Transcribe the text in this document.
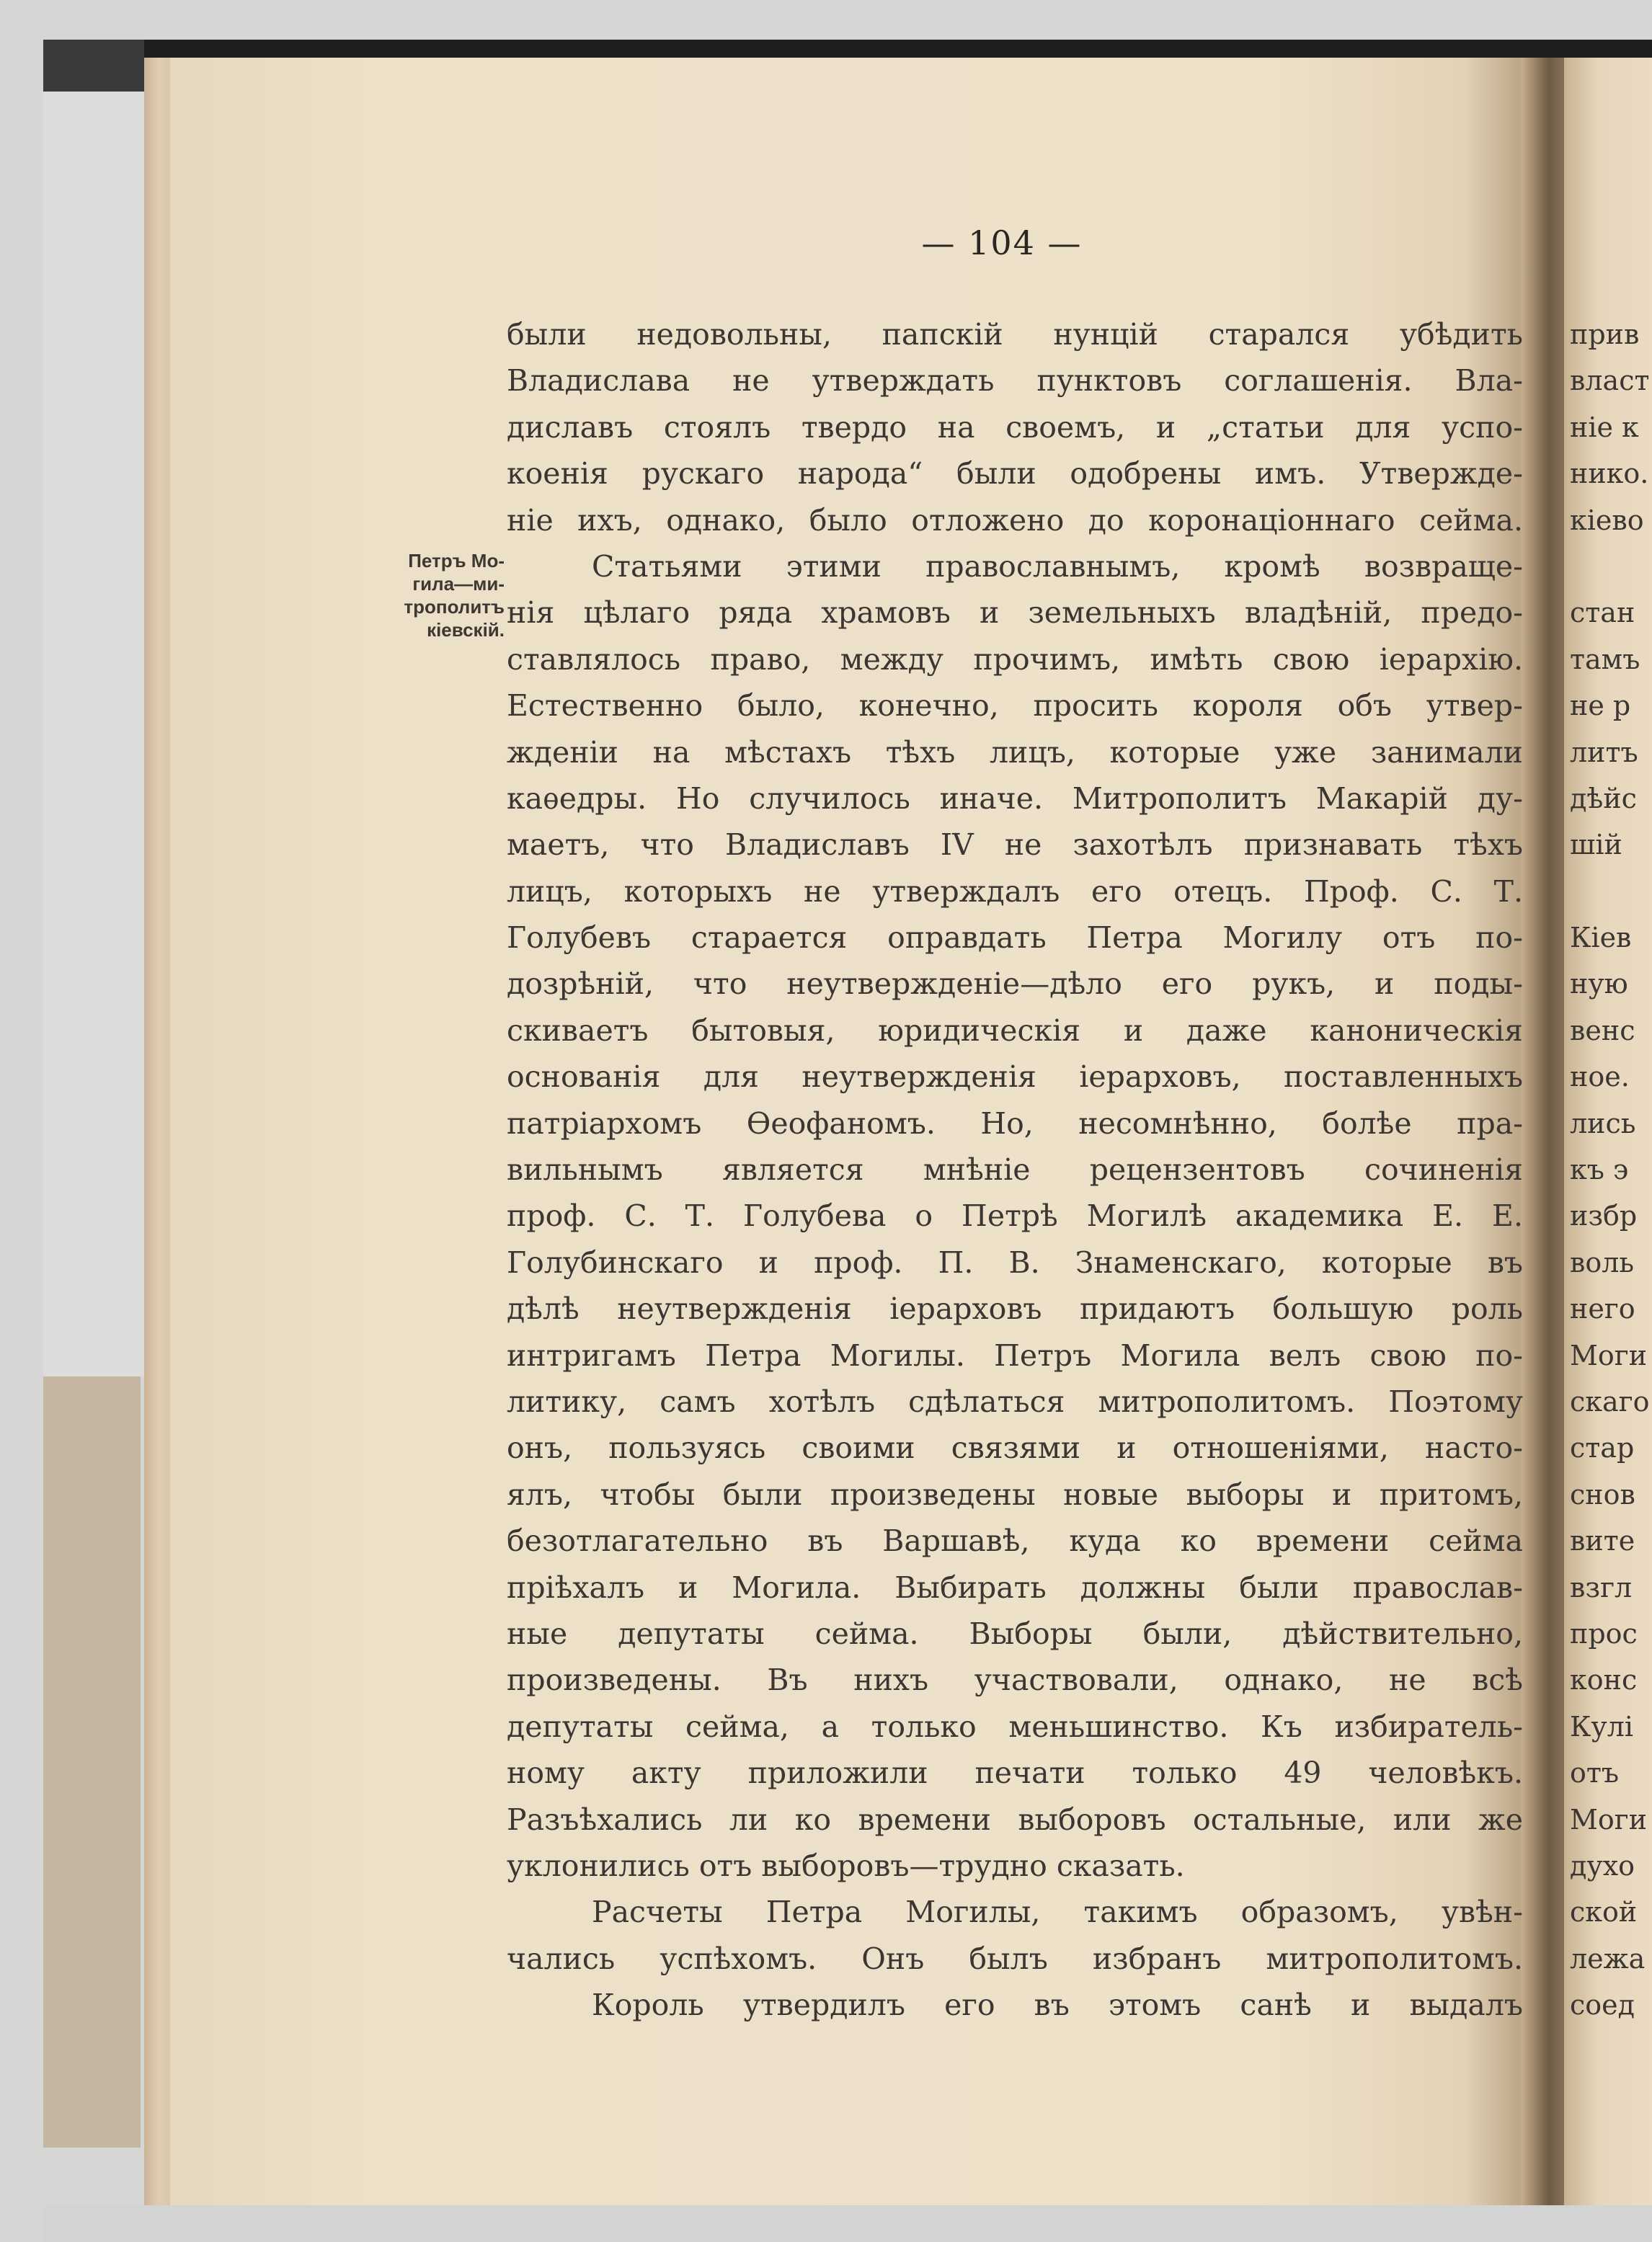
— 104 —
Петръ Мо-
гила—ми-
трополитъ
кіевскій.
были недовольны, папскій нунцій старался убѣдить
Владислава не утверждать пунктовъ соглашенія. Вла-
диславъ стоялъ твердо на своемъ, и „статьи для успо-
коенія рускаго народа“ были одобрены имъ. Утвержде-
ніе ихъ, однако, было отложено до коронаціоннаго сейма.
Статьями этими православнымъ, кромѣ возвраще-
нія цѣлаго ряда храмовъ и земельныхъ владѣній, предо-
ставлялось право, между прочимъ, имѣть свою іерархію.
Естественно было, конечно, просить короля объ утвер-
жденіи на мѣстахъ тѣхъ лицъ, которые уже занимали
каѳедры. Но случилось иначе. Митрополитъ Макарій ду-
маетъ, что Владиславъ IV не захотѣлъ признавать тѣхъ
лицъ, которыхъ не утверждалъ его отецъ. Проф. С. Т.
Голубевъ старается оправдать Петра Могилу отъ по-
дозрѣній, что неутвержденіе—дѣло его рукъ, и поды-
скиваетъ бытовыя, юридическія и даже каноническія
основанія для неутвержденія іерарховъ, поставленныхъ
патріархомъ Ѳеофаномъ. Но, несомнѣнно, болѣе пра-
вильнымъ является мнѣніе рецензентовъ сочиненія
проф. С. Т. Голубева о Петрѣ Могилѣ академика Е. Е.
Голубинскаго и проф. П. В. Знаменскаго, которые въ
дѣлѣ неутвержденія іерарховъ придаютъ большую роль
интригамъ Петра Могилы. Петръ Могила велъ свою по-
литику, самъ хотѣлъ сдѣлаться митрополитомъ. Поэтому
онъ, пользуясь своими связями и отношеніями, насто-
ялъ, чтобы были произведены новые выборы и притомъ,
безотлагательно въ Варшавѣ, куда ко времени сейма
пріѣхалъ и Могила. Выбирать должны были православ-
ные депутаты сейма. Выборы были, дѣйствительно,
произведены. Въ нихъ участвовали, однако, не всѣ
депутаты сейма, а только меньшинство. Къ избиратель-
ному акту приложили печати только 49 человѣкъ.
Разъѣхались ли ко времени выборовъ остальные, или же
уклонились отъ выборовъ—трудно сказать.
Расчеты Петра Могилы, такимъ образомъ, увѣн-
чались успѣхомъ. Онъ былъ избранъ митрополитомъ.
Король утвердилъ его въ этомъ санѣ и выдалъ
прив
власт
ніе к
нико.
кіево
стан
тамъ
не р
литъ
дѣйс
шій
Кіев
ную
венс
ное.
лись
къ э
избр
воль
него
Моги
скаго
стар
снов
вите
взгл
прос
конс
Кулі
отъ
Моги
духо
ской
лежа
соед
